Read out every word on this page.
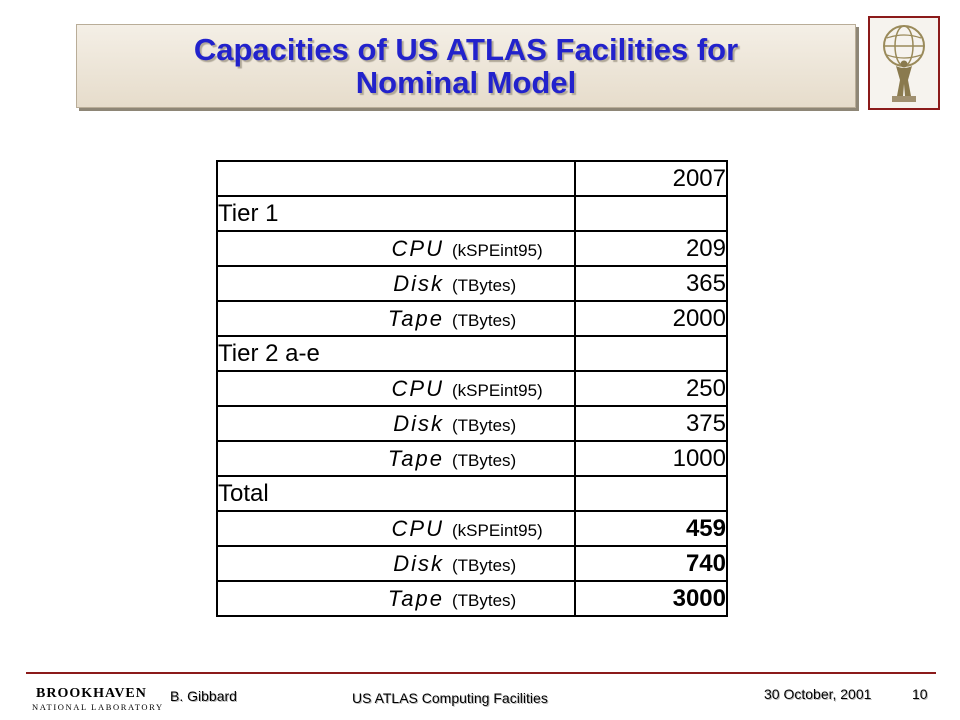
Capacities of US ATLAS Facilities for
Nominal Model
	2007
Tier 1	
CPU (kSPEint95)	209
Disk (TBytes)	365
Tape (TBytes)	2000
Tier 2 a-e	
CPU (kSPEint95)	250
Disk (TBytes)	375
Tape (TBytes)	1000
Total	
CPU (kSPEint95)	459
Disk (TBytes)	740
Tape (TBytes)	3000
BROOKHAVEN
NATIONAL LABORATORY
B. Gibbard	US ATLAS Computing Facilities	30 October, 2001	10
